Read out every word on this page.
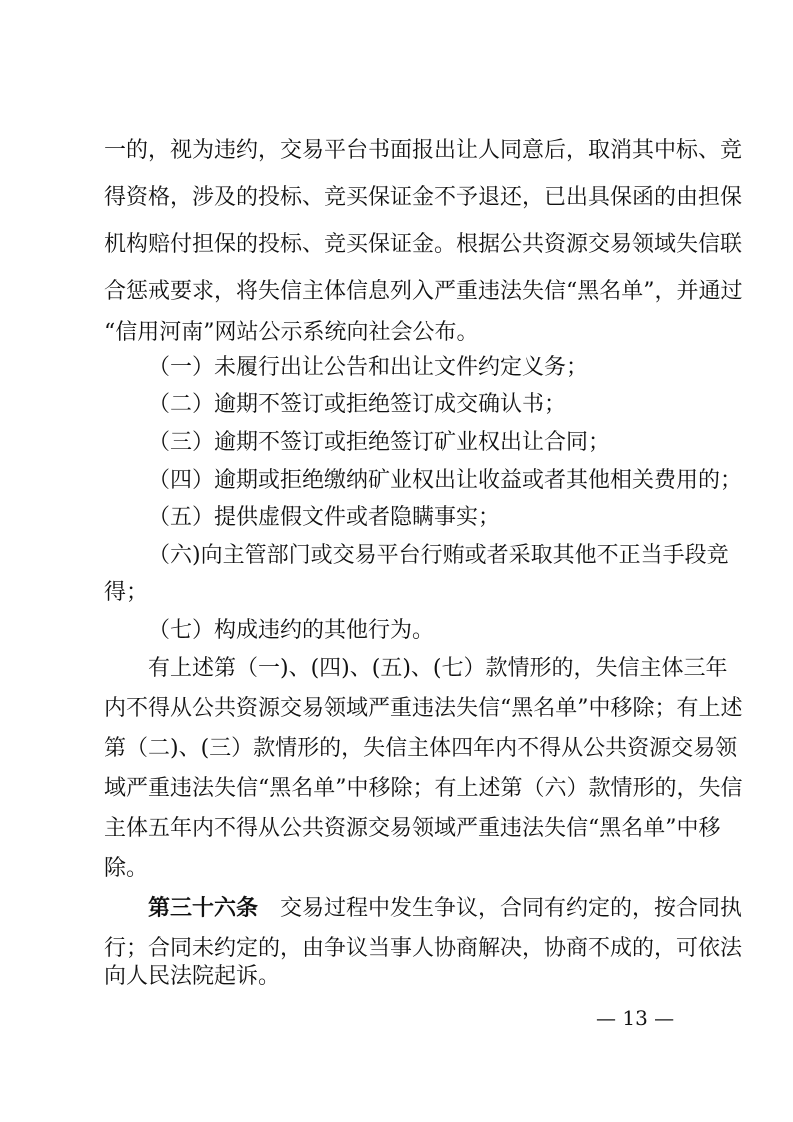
一的，视为违约，交易平台书面报出让人同意后，取消其中标、竞
得资格，涉及的投标、竞买保证金不予退还，已出具保函的由担保
机构赔付担保的投标、竞买保证金。根据公共资源交易领域失信联
合惩戒要求，将失信主体信息列入严重违法失信“黑名单”，并通过
“信用河南”网站公示系统向社会公布。
（一）未履行出让公告和出让文件约定义务；
（二）逾期不签订或拒绝签订成交确认书；
（三）逾期不签订或拒绝签订矿业权出让合同；
（四）逾期或拒绝缴纳矿业权出让收益或者其他相关费用的；
（五）提供虚假文件或者隐瞒事实；
（六)向主管部门或交易平台行贿或者采取其他不正当手段竞
得；
（七）构成违约的其他行为。
有上述第（一)、(四)、(五)、(七）款情形的，失信主体三年
内不得从公共资源交易领域严重违法失信“黑名单”中移除；有上述
第（二)、(三）款情形的，失信主体四年内不得从公共资源交易领
域严重违法失信“黑名单”中移除；有上述第（六）款情形的，失信
主体五年内不得从公共资源交易领域严重违法失信“黑名单”中移
除。
第三十六条　 交易过程中发生争议，合同有约定的，按合同执
行；合同未约定的，由争议当事人协商解决，协商不成的，可依法
向人民法院起诉。
— 13 —
